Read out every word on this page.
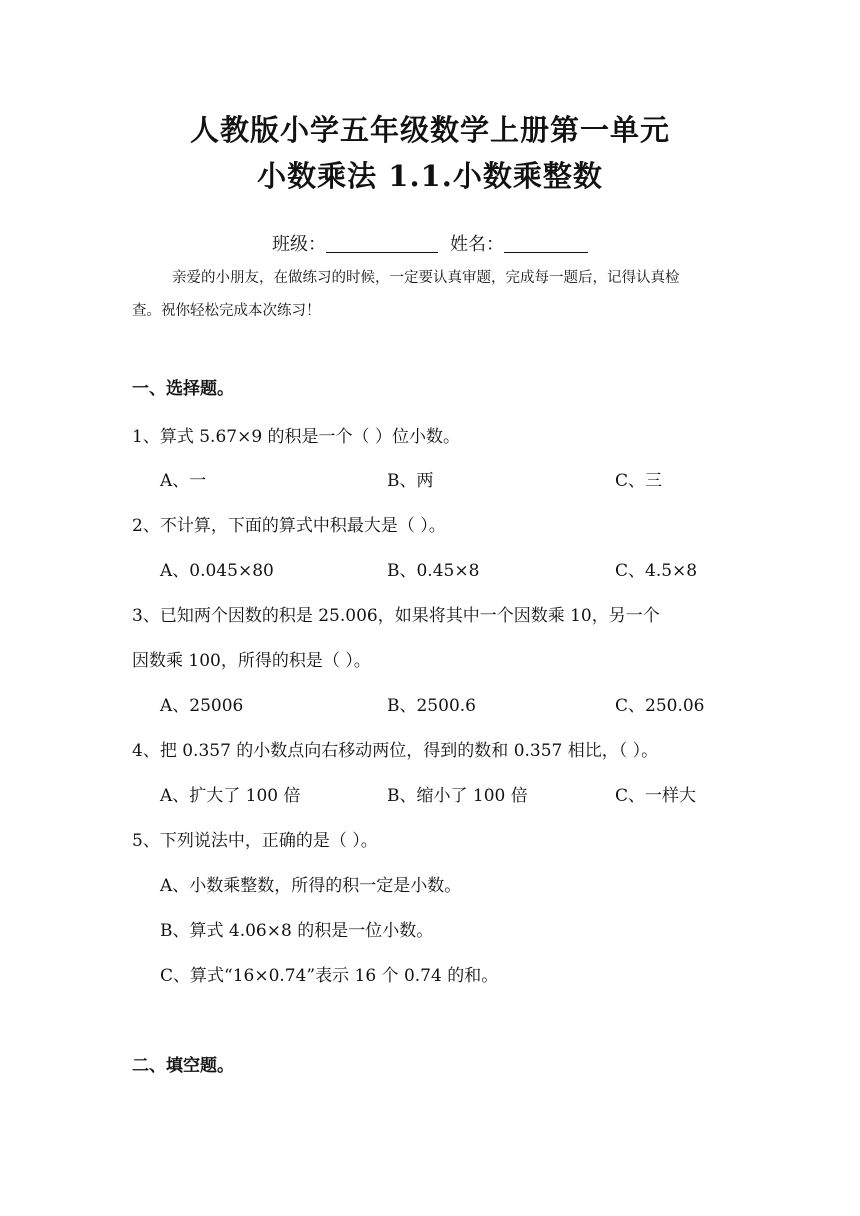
人教版小学五年级数学上册第一单元
小数乘法 1.1.小数乘整数
班级：	姓名：
亲爱的小朋友，在做练习的时候，一定要认真审题，完成每一题后，记得认真检
查。祝你轻松完成本次练习！
一、选择题。
1、算式 5.67×9 的积是一个（ ）位小数。
A、一	B、两	C、三
2、不计算，下面的算式中积最大是（ ）。
A、0.045×80	B、0.45×8	C、4.5×8
3、已知两个因数的积是 25.006，如果将其中一个因数乘 10，另一个
因数乘 100，所得的积是（ ）。
A、25006	B、2500.6	C、250.06
4、把 0.357 的小数点向右移动两位，得到的数和 0.357 相比，（ ）。
A、扩大了 100 倍	B、缩小了 100 倍	C、一样大
5、下列说法中，正确的是（ ）。
A、小数乘整数，所得的积一定是小数。
B、算式 4.06×8 的积是一位小数。
C、算式“16×0.74”表示 16 个 0.74 的和。
二、填空题。
